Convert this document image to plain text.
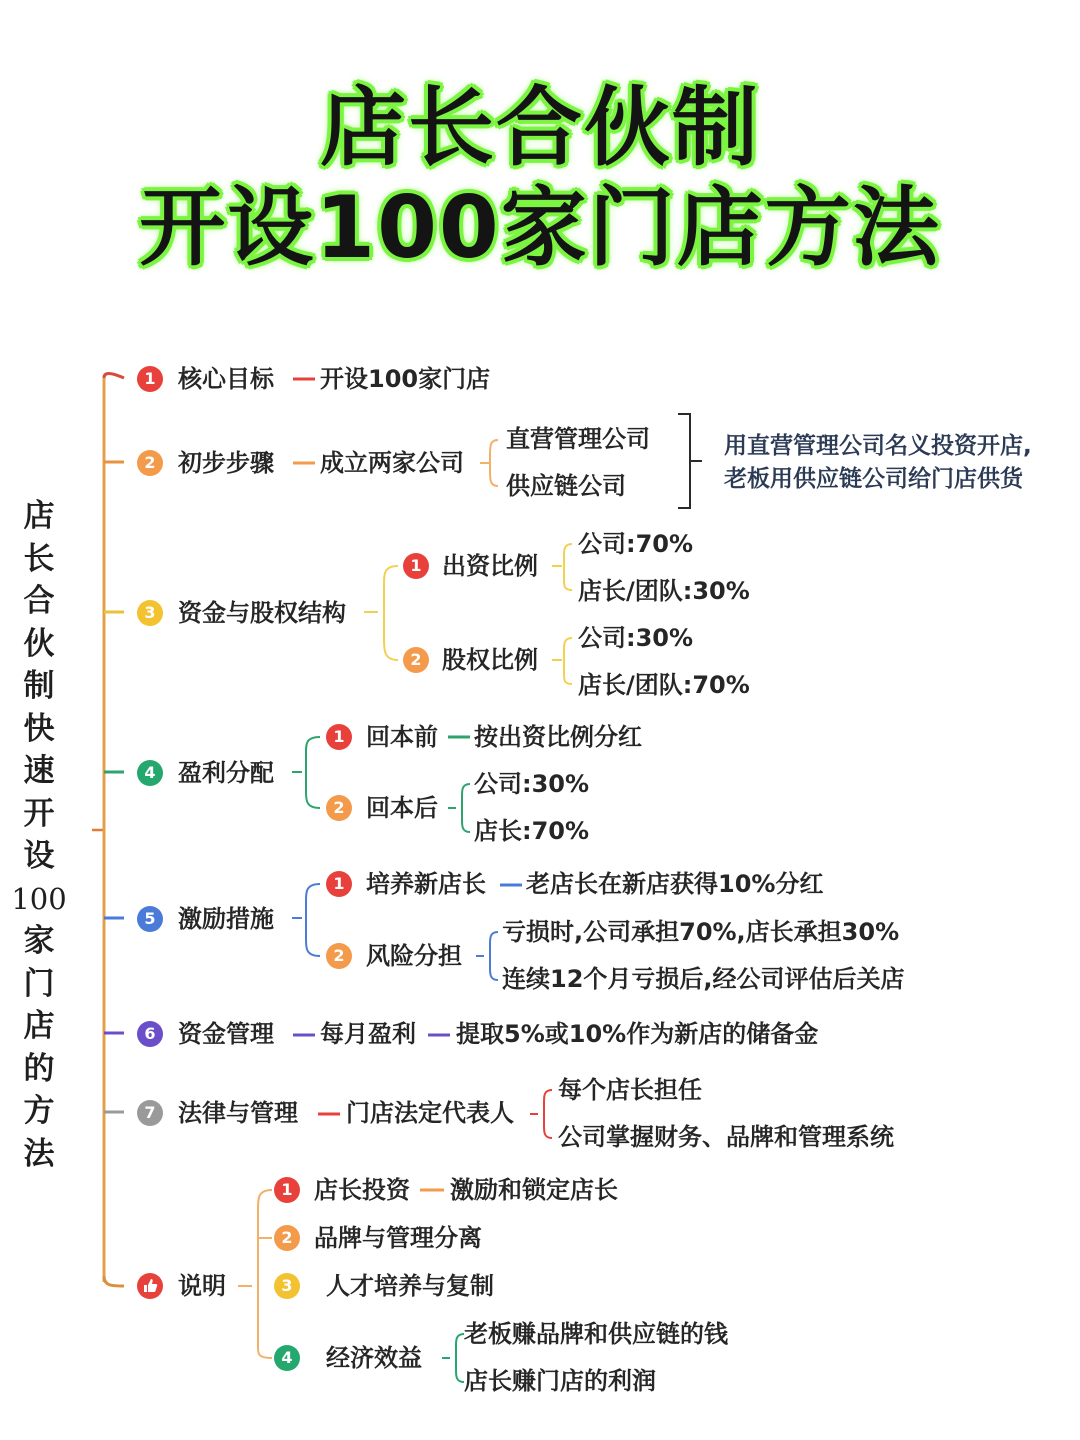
店长合伙制
开设100家门店方法
店
长
合
伙
制
快
速
开
设
100
家
门
店
的
方
法
1 核心目标 开设100家门店
2 初步步骤 成立两家公司
直营管理公司
供应链公司
用直营管理公司名义投资开店,
老板用供应链公司给门店供货
3 资金与股权结构
1 出资比例
公司:70%
店长/团队:30%
2 股权比例
公司:30%
店长/团队:70%
4 盈利分配
1 回本前 按出资比例分红
2 回本后
公司:30%
店长:70%
5 激励措施
1 培养新店长 老店长在新店获得10%分红
2 风险分担
亏损时,公司承担70%,店长承担30%
连续12个月亏损后,经公司评估后关店
6 资金管理 每月盈利 提取5%或10%作为新店的储备金
7 法律与管理 门店法定代表人
每个店长担任
公司掌握财务、品牌和管理系统
说明
1 店长投资 激励和锁定店长
2 品牌与管理分离
3	人才培养与复制
4	经济效益
老板赚品牌和供应链的钱
店长赚门店的利润
